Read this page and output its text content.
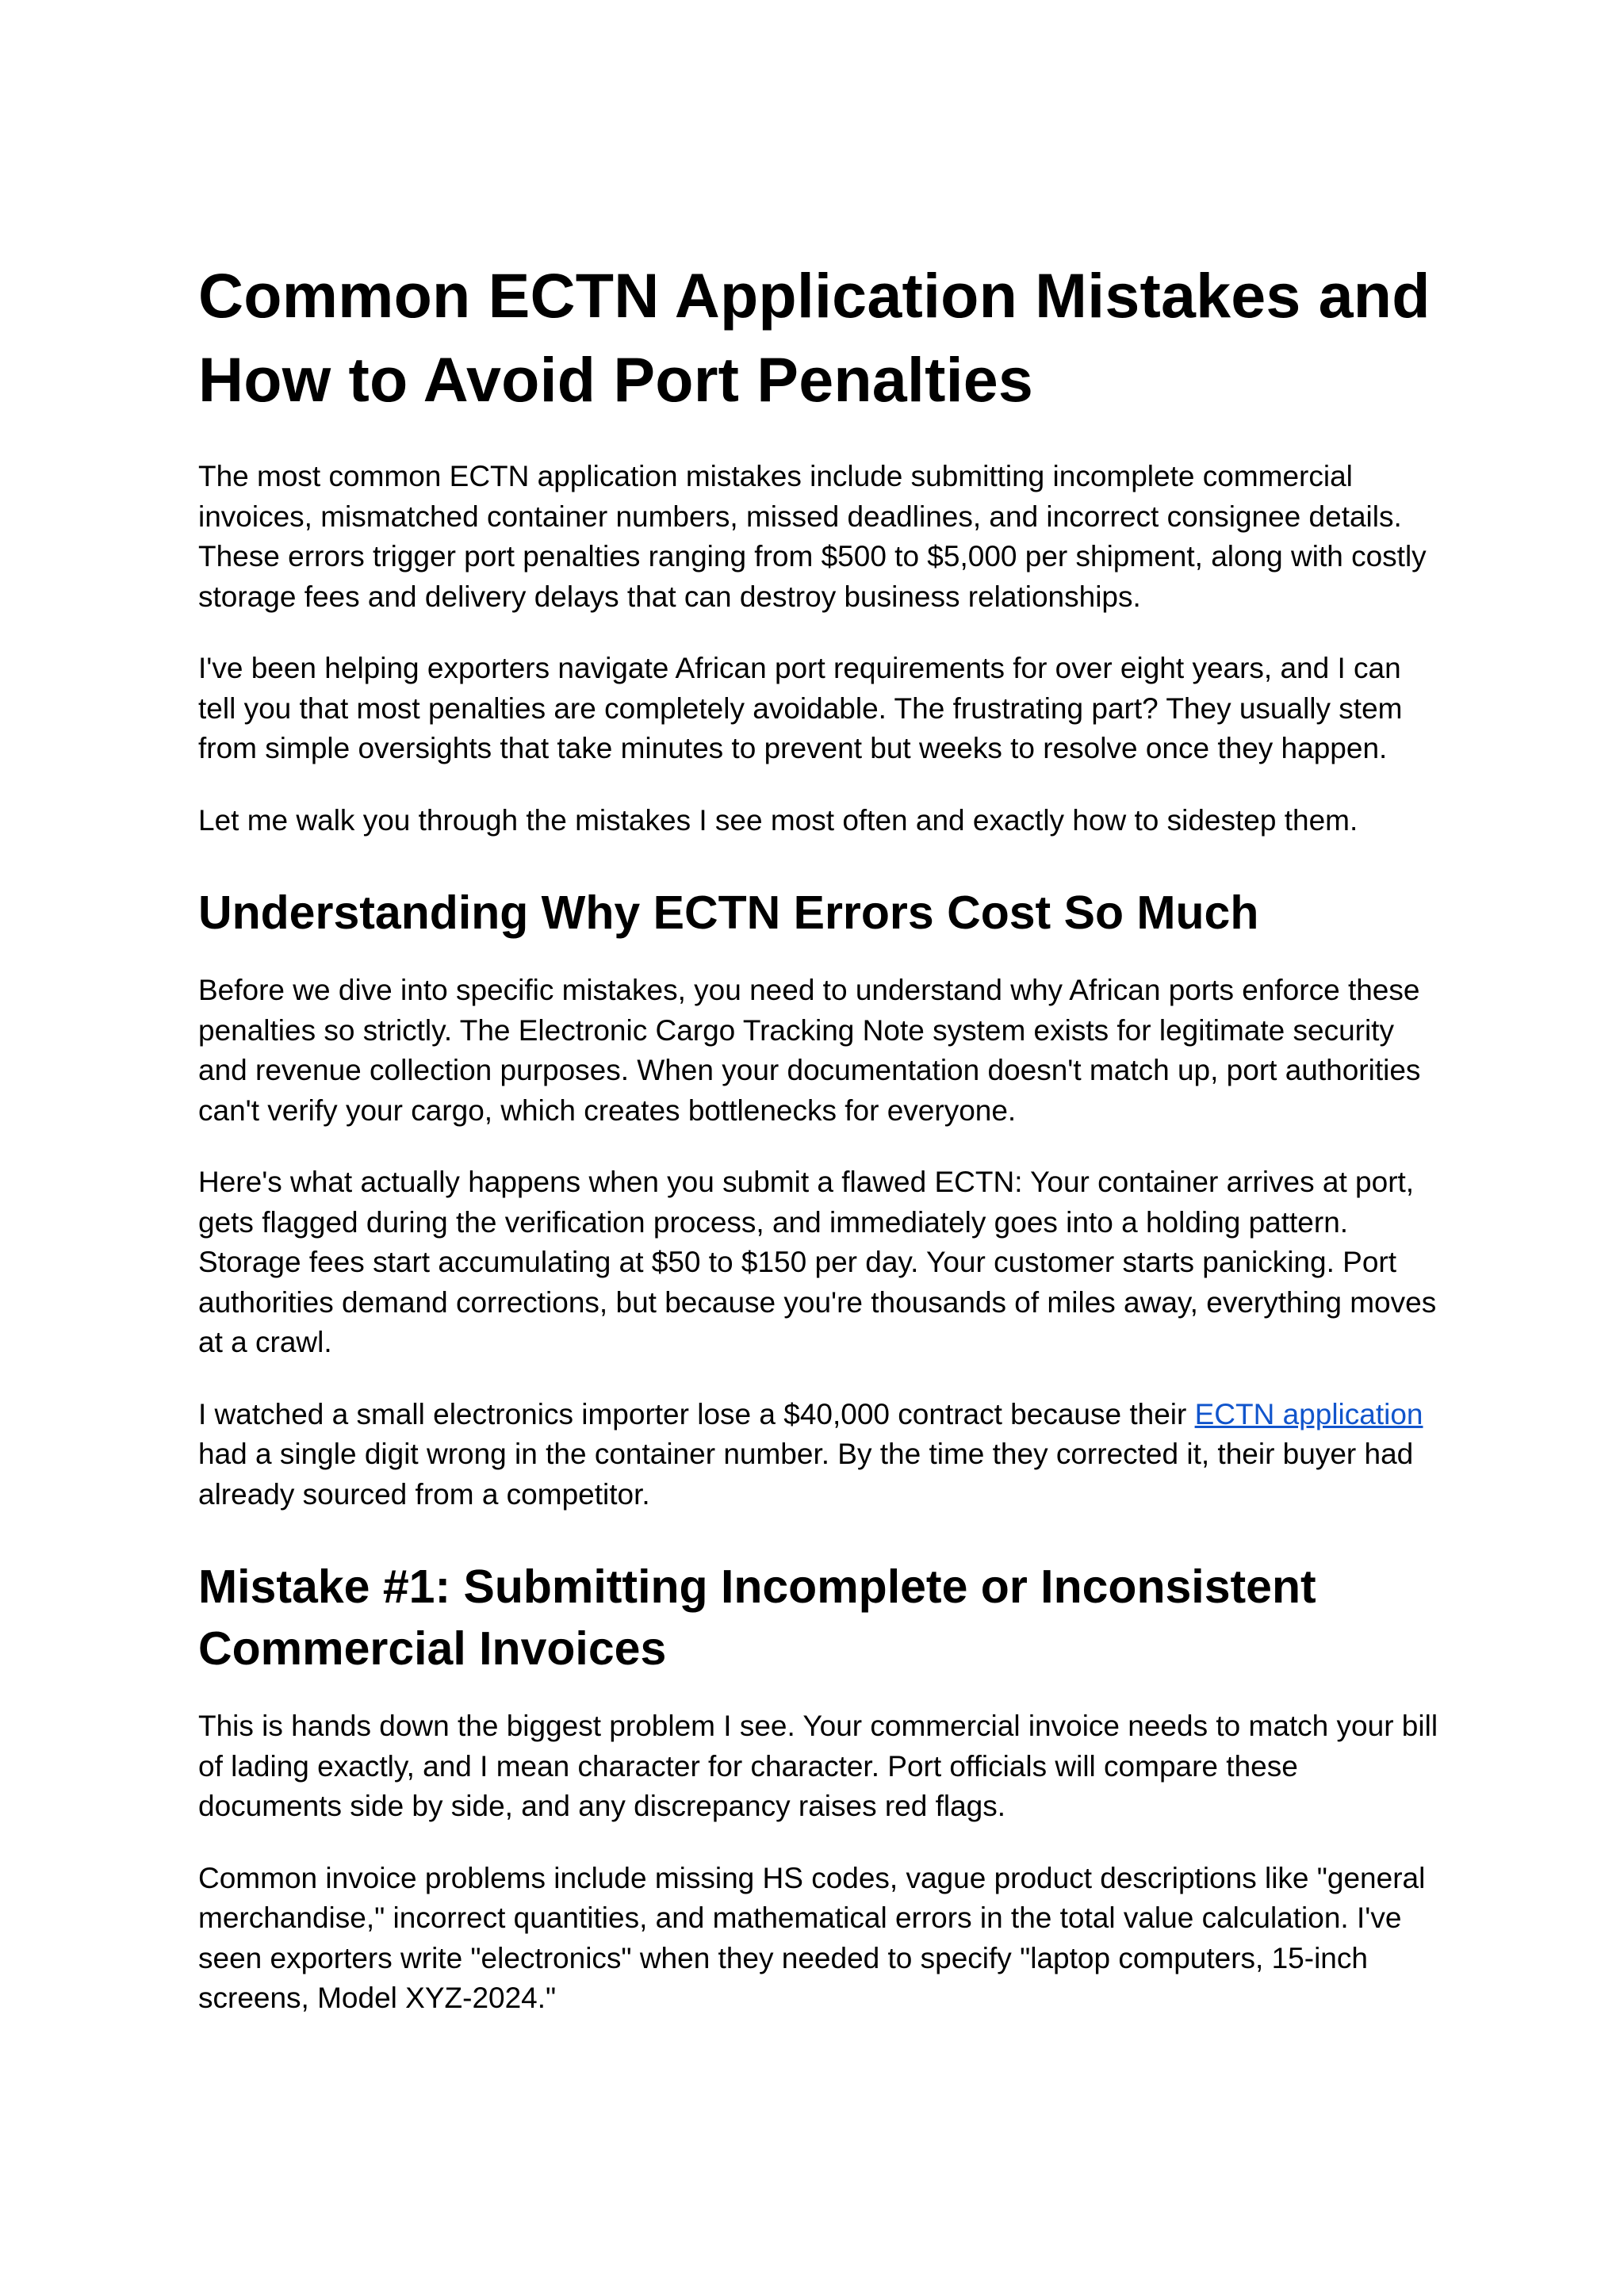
Common ECTN Application Mistakes and How to Avoid Port Penalties

The most common ECTN application mistakes include submitting incomplete commercial invoices, mismatched container numbers, missed deadlines, and incorrect consignee details. These errors trigger port penalties ranging from $500 to $5,000 per shipment, along with costly storage fees and delivery delays that can destroy business relationships.

I've been helping exporters navigate African port requirements for over eight years, and I can tell you that most penalties are completely avoidable. The frustrating part? They usually stem from simple oversights that take minutes to prevent but weeks to resolve once they happen.

Let me walk you through the mistakes I see most often and exactly how to sidestep them.

Understanding Why ECTN Errors Cost So Much

Before we dive into specific mistakes, you need to understand why African ports enforce these penalties so strictly. The Electronic Cargo Tracking Note system exists for legitimate security and revenue collection purposes. When your documentation doesn't match up, port authorities can't verify your cargo, which creates bottlenecks for everyone.

Here's what actually happens when you submit a flawed ECTN: Your container arrives at port, gets flagged during the verification process, and immediately goes into a holding pattern. Storage fees start accumulating at $50 to $150 per day. Your customer starts panicking. Port authorities demand corrections, but because you're thousands of miles away, everything moves at a crawl.

I watched a small electronics importer lose a $40,000 contract because their ECTN application had a single digit wrong in the container number. By the time they corrected it, their buyer had already sourced from a competitor.

Mistake #1: Submitting Incomplete or Inconsistent Commercial Invoices

This is hands down the biggest problem I see. Your commercial invoice needs to match your bill of lading exactly, and I mean character for character. Port officials will compare these documents side by side, and any discrepancy raises red flags.

Common invoice problems include missing HS codes, vague product descriptions like "general merchandise," incorrect quantities, and mathematical errors in the total value calculation. I've seen exporters write "electronics" when they needed to specify "laptop computers, 15-inch screens, Model XYZ-2024."
